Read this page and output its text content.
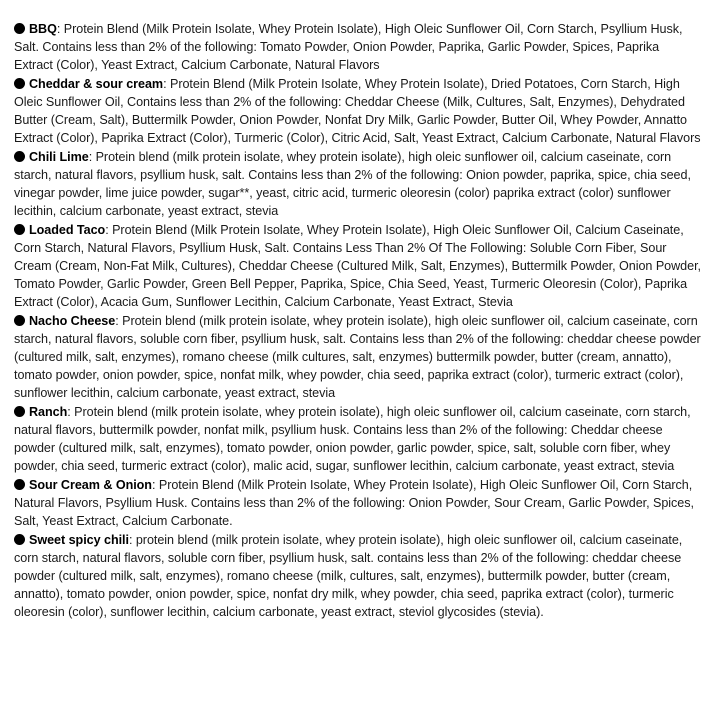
BBQ: Protein Blend (Milk Protein Isolate, Whey Protein Isolate), High Oleic Sunflower Oil, Corn Starch, Psyllium Husk, Salt. Contains less than 2% of the following: Tomato Powder, Onion Powder, Paprika, Garlic Powder, Spices, Paprika Extract (Color), Yeast Extract, Calcium Carbonate, Natural Flavors
Cheddar & sour cream: Protein Blend (Milk Protein Isolate, Whey Protein Isolate), Dried Potatoes, Corn Starch, High Oleic Sunflower Oil, Contains less than 2% of the following: Cheddar Cheese (Milk, Cultures, Salt, Enzymes), Dehydrated Butter (Cream, Salt), Buttermilk Powder, Onion Powder, Nonfat Dry Milk, Garlic Powder, Butter Oil, Whey Powder, Annatto Extract (Color), Paprika Extract (Color), Turmeric (Color), Citric Acid, Salt, Yeast Extract, Calcium Carbonate, Natural Flavors
Chili Lime: Protein blend (milk protein isolate, whey protein isolate), high oleic sunflower oil, calcium caseinate, corn starch, natural flavors, psyllium husk, salt. Contains less than 2% of the following: Onion powder, paprika, spice, chia seed, vinegar powder, lime juice powder, sugar**, yeast, citric acid, turmeric oleoresin (color) paprika extract (color) sunflower lecithin, calcium carbonate, yeast extract, stevia
Loaded Taco: Protein Blend (Milk Protein Isolate, Whey Protein Isolate), High Oleic Sunflower Oil, Calcium Caseinate, Corn Starch, Natural Flavors, Psyllium Husk, Salt. Contains Less Than 2% Of The Following: Soluble Corn Fiber, Sour Cream (Cream, Non-Fat Milk, Cultures), Cheddar Cheese (Cultured Milk, Salt, Enzymes), Buttermilk Powder, Onion Powder, Tomato Powder, Garlic Powder, Green Bell Pepper, Paprika, Spice, Chia Seed, Yeast, Turmeric Oleoresin (Color), Paprika Extract (Color), Acacia Gum, Sunflower Lecithin, Calcium Carbonate, Yeast Extract, Stevia
Nacho Cheese: Protein blend (milk protein isolate, whey protein isolate), high oleic sunflower oil, calcium caseinate, corn starch, natural flavors, soluble corn fiber, psyllium husk, salt. Contains less than 2% of the following: cheddar cheese powder (cultured milk, salt, enzymes), romano cheese (milk cultures, salt, enzymes) buttermilk powder, butter (cream, annatto), tomato powder, onion powder, spice, nonfat milk, whey powder, chia seed, paprika extract (color), turmeric extract (color), sunflower lecithin, calcium carbonate, yeast extract, stevia
Ranch: Protein blend (milk protein isolate, whey protein isolate), high oleic sunflower oil, calcium caseinate, corn starch, natural flavors, buttermilk powder, nonfat milk, psyllium husk. Contains less than 2% of the following: Cheddar cheese powder (cultured milk, salt, enzymes), tomato powder, onion powder, garlic powder, spice, salt, soluble corn fiber, whey powder, chia seed, turmeric extract (color), malic acid, sugar, sunflower lecithin, calcium carbonate, yeast extract, stevia
Sour Cream & Onion: Protein Blend (Milk Protein Isolate, Whey Protein Isolate), High Oleic Sunflower Oil, Corn Starch, Natural Flavors, Psyllium Husk. Contains less than 2% of the following: Onion Powder, Sour Cream, Garlic Powder, Spices, Salt, Yeast Extract, Calcium Carbonate.
Sweet spicy chili: protein blend (milk protein isolate, whey protein isolate), high oleic sunflower oil, calcium caseinate, corn starch, natural flavors, soluble corn fiber, psyllium husk, salt. contains less than 2% of the following: cheddar cheese powder (cultured milk, salt, enzymes), romano cheese (milk, cultures, salt, enzymes), buttermilk powder, butter (cream, annatto), tomato powder, onion powder, spice, nonfat dry milk, whey powder, chia seed, paprika extract (color), turmeric oleoresin (color), sunflower lecithin, calcium carbonate, yeast extract, steviol glycosides (stevia).
